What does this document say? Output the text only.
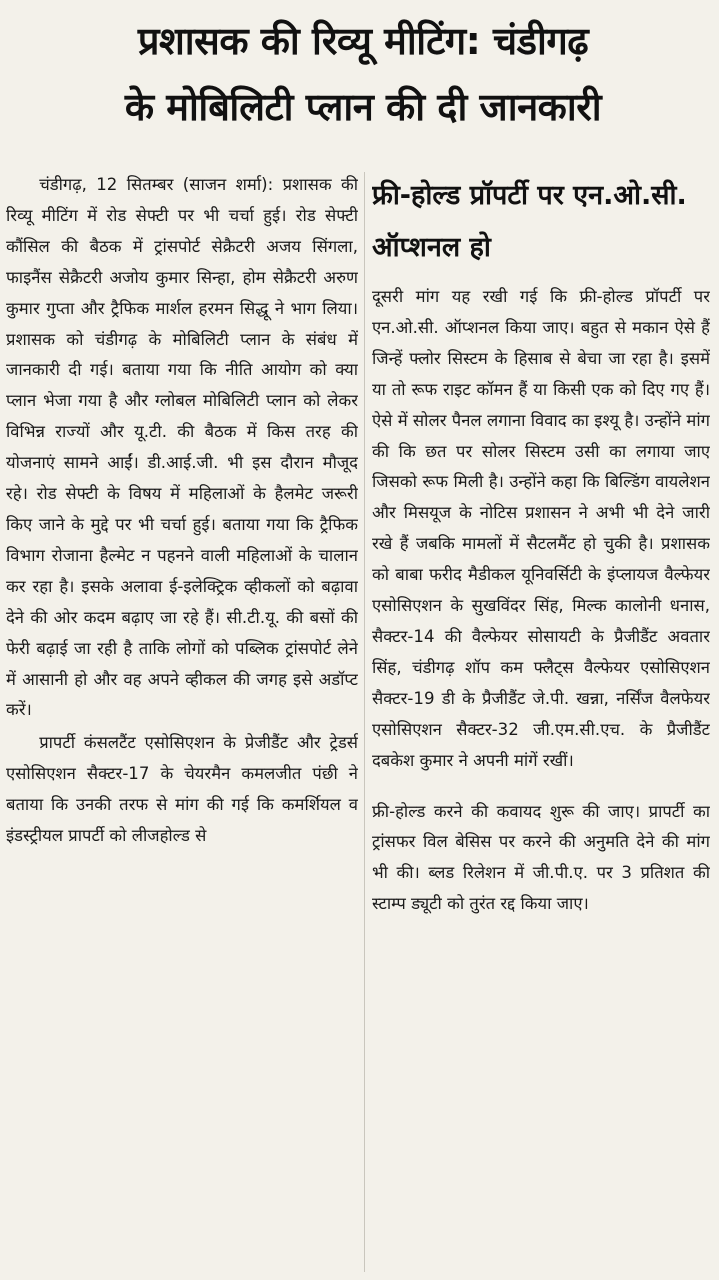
प्रशासक की रिव्यू मीटिंग: चंडीगढ़
के मोबिलिटी प्लान की दी जानकारी

चंडीगढ़, 12 सितम्बर (साजन शर्मा): प्रशासक की रिव्यू मीटिंग में रोड सेफ्टी पर भी चर्चा हुई। रोड सेफ्टी कौंसिल की बैठक में ट्रांसपोर्ट सेक्रैटरी अजय सिंगला, फाइनैंस सेक्रैटरी अजोय कुमार सिन्हा, होम सेक्रैटरी अरुण कुमार गुप्ता और ट्रैफिक मार्शल हरमन सिद्धू ने भाग लिया। प्रशासक को चंडीगढ़ के मोबिलिटी प्लान के संबंध में जानकारी दी गई। बताया गया कि नीति आयोग को क्या प्लान भेजा गया है और ग्लोबल मोबिलिटी प्लान को लेकर विभिन्न राज्यों और यू.टी. की बैठक में किस तरह की योजनाएं सामने आईं। डी.आई.जी. भी इस दौरान मौजूद रहे। रोड सेफ्टी के विषय में महिलाओं के हैलमेट जरूरी किए जाने के मुद्दे पर भी चर्चा हुई। बताया गया कि ट्रैफिक विभाग रोजाना हैल्मेट न पहनने वाली महिलाओं के चालान कर रहा है। इसके अलावा ई-इलेक्ट्रिक व्हीकलों को बढ़ावा देने की ओर कदम बढ़ाए जा रहे हैं। सी.टी.यू. की बसों की फेरी बढ़ाई जा रही है ताकि लोगों को पब्लिक ट्रांसपोर्ट लेने में आसानी हो और वह अपने व्हीकल की जगह इसे अडॉप्ट करें।

प्रापर्टी कंसलटैंट एसोसिएशन के प्रेजीडैंट और ट्रेडर्स एसोसिएशन सैक्टर-17 के चेयरमैन कमलजीत पंछी ने बताया कि उनकी तरफ से मांग की गई कि कमर्शियल व इंडस्ट्रीयल प्रापर्टी को लीजहोल्ड से

फ्री-होल्ड प्रॉपर्टी पर एन.ओ.सी. ऑप्शनल हो

दूसरी मांग यह रखी गई कि फ्री-होल्ड प्रॉपर्टी पर एन.ओ.सी. ऑप्शनल किया जाए। बहुत से मकान ऐसे हैं जिन्हें फ्लोर सिस्टम के हिसाब से बेचा जा रहा है। इसमें या तो रूफ राइट कॉमन हैं या किसी एक को दिए गए हैं। ऐसे में सोलर पैनल लगाना विवाद का इश्यू है। उन्होंने मांग की कि छत पर सोलर सिस्टम उसी का लगाया जाए जिसको रूफ मिली है। उन्होंने कहा कि बिल्डिंग वायलेशन और मिसयूज के नोटिस प्रशासन ने अभी भी देने जारी रखे हैं जबकि मामलों में सैटलमैंट हो चुकी है। प्रशासक को बाबा फरीद मैडीकल यूनिवर्सिटी के इंप्लायज वैल्फेयर एसोसिएशन के सुखविंदर सिंह, मिल्क कालोनी धनास, सैक्टर-14 की वैल्फेयर सोसायटी के प्रैजीडैंट अवतार सिंह, चंडीगढ़ शॉप कम फ्लैट्स वैल्फेयर एसोसिएशन सैक्टर-19 डी के प्रैजीडैंट जे.पी. खन्ना, नर्सिंज वैलफेयर एसोसिएशन सैक्टर-32 जी.एम.सी.एच. के प्रैजीडैंट दबकेश कुमार ने अपनी मांगें रखीं।

फ्री-होल्ड करने की कवायद शुरू की जाए। प्रापर्टी का ट्रांसफर विल बेसिस पर करने की अनुमति देने की मांग भी की। ब्लड रिलेशन में जी.पी.ए. पर 3 प्रतिशत की स्टाम्प ड्यूटी को तुरंत रद्द किया जाए।
